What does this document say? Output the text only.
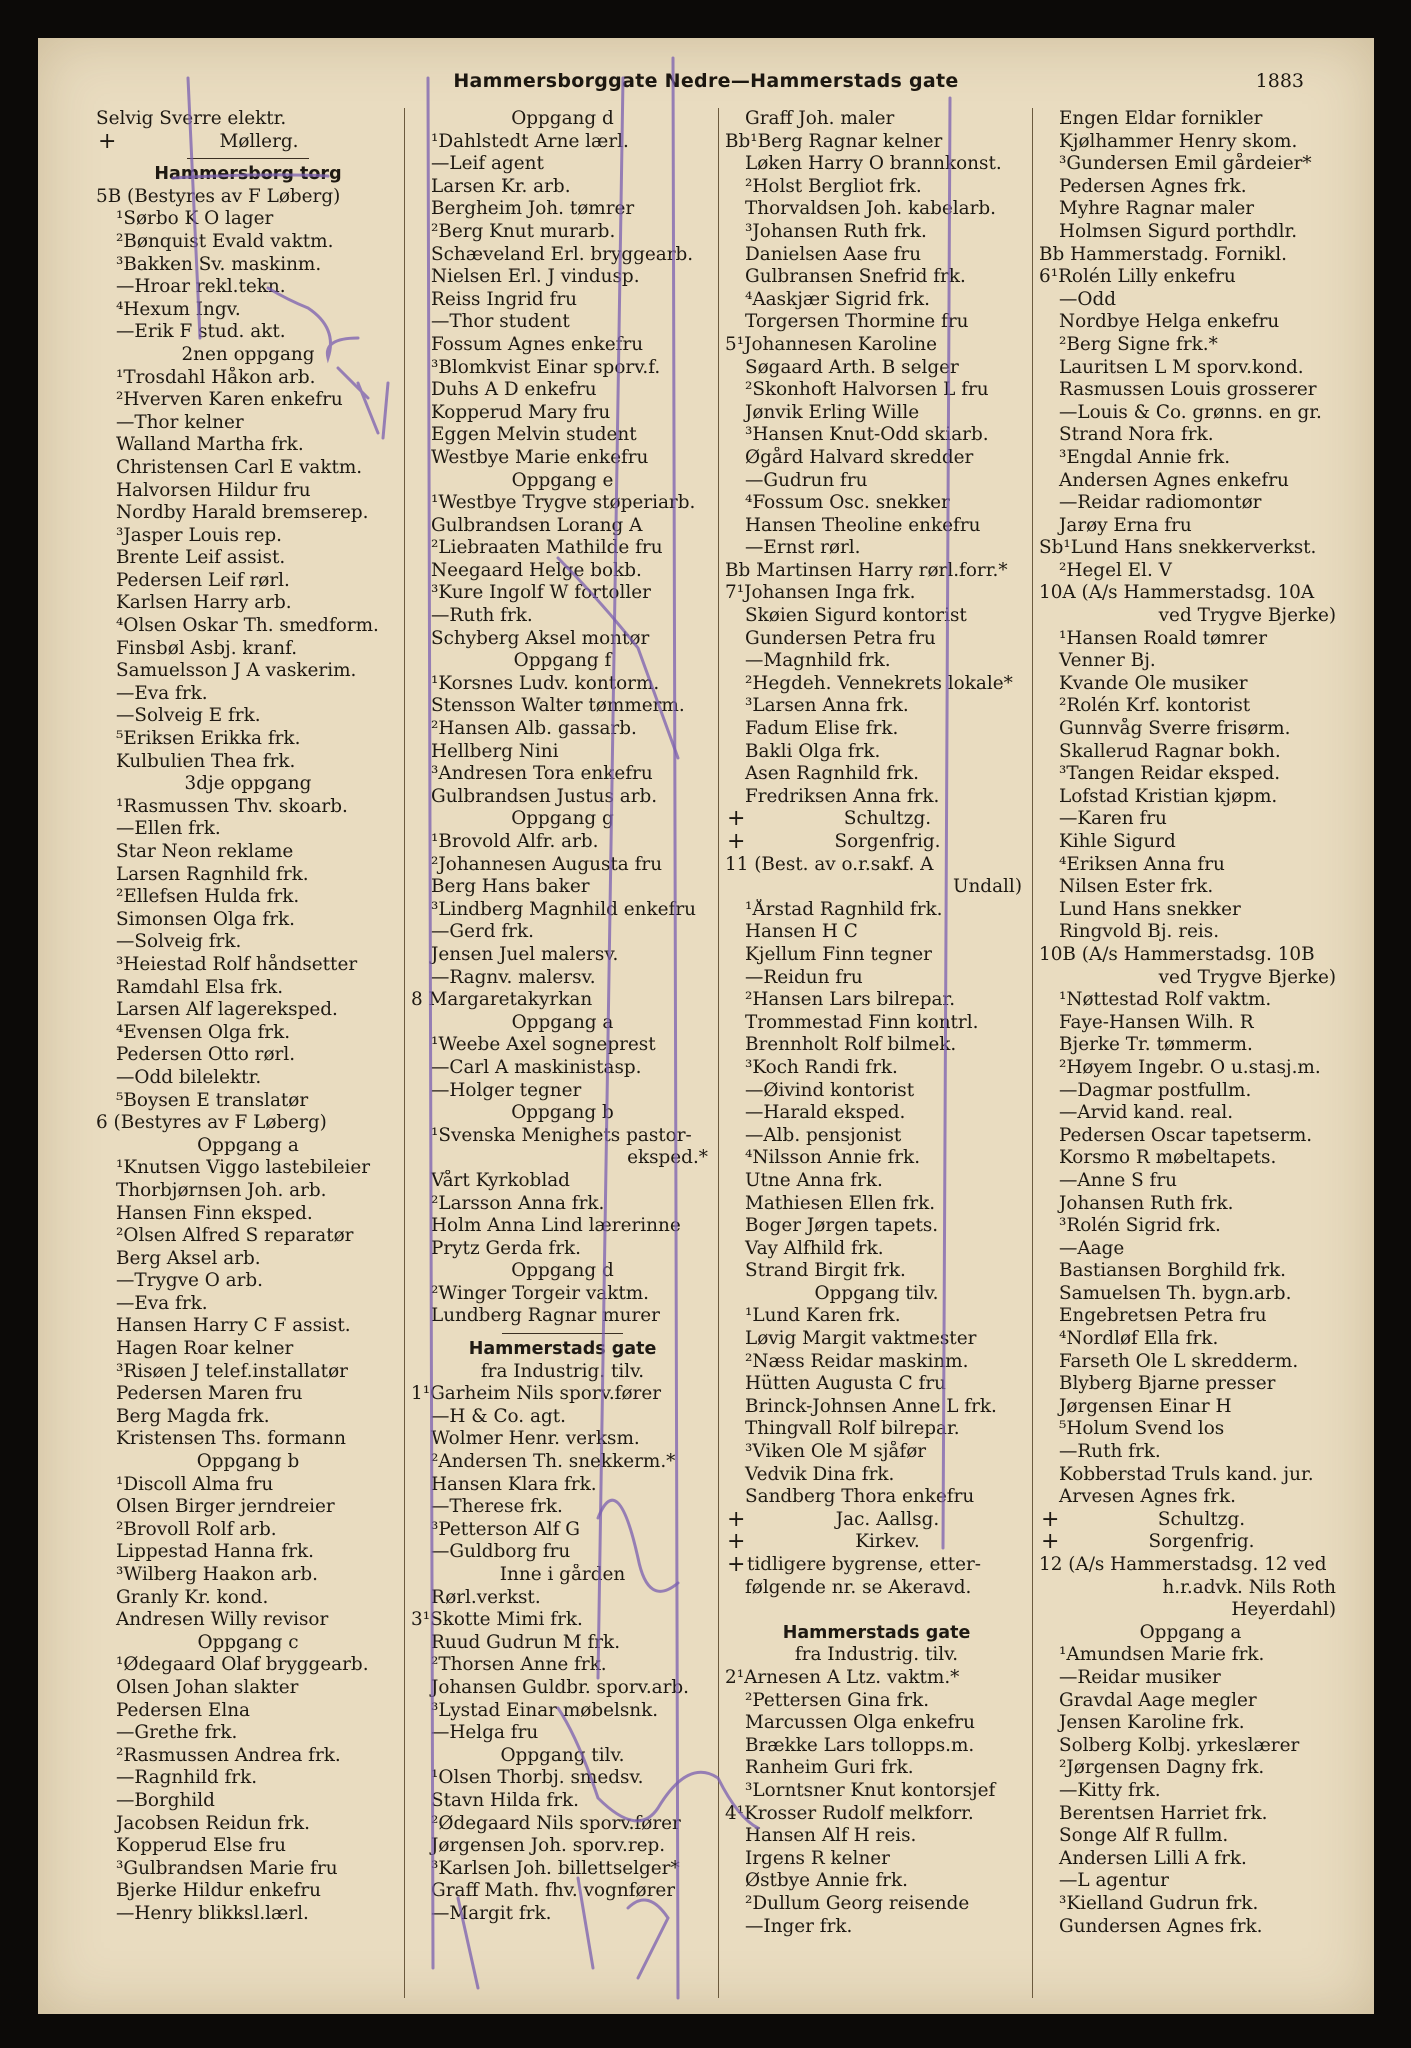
Hammersborggate Nedre—Hammerstads gate	1883
Selvig Sverre elektr.
+	Møllerg.
Hammersborg torg
5B (Bestyres av F Løberg)
¹Sørbo K O lager
²Bønquist Evald vaktm.
³Bakken Sv. maskinm.
—Hroar rekl.tekn.
⁴Hexum Ingv.
—Erik F stud. akt.
2nen oppgang
¹Trosdahl Håkon arb.
²Hverven Karen enkefru
—Thor kelner
Walland Martha frk.
Christensen Carl E vaktm.
Halvorsen Hildur fru
Nordby Harald bremserep.
³Jasper Louis rep.
Brente Leif assist.
Pedersen Leif rørl.
Karlsen Harry arb.
⁴Olsen Oskar Th. smedform.
Finsbøl Asbj. kranf.
Samuelsson J A vaskerim.
—Eva frk.
—Solveig E frk.
⁵Eriksen Erikka frk.
Kulbulien Thea frk.
3dje oppgang
¹Rasmussen Thv. skoarb.
—Ellen frk.
Star Neon reklame
Larsen Ragnhild frk.
²Ellefsen Hulda frk.
Simonsen Olga frk.
—Solveig frk.
³Heiestad Rolf håndsetter
Ramdahl Elsa frk.
Larsen Alf lagereksped.
⁴Evensen Olga frk.
Pedersen Otto rørl.
—Odd bilelektr.
⁵Boysen E translatør
6 (Bestyres av F Løberg)
Oppgang a
¹Knutsen Viggo lastebileier
Thorbjørnsen Joh. arb.
Hansen Finn eksped.
²Olsen Alfred S reparatør
Berg Aksel arb.
—Trygve O arb.
—Eva frk.
Hansen Harry C F assist.
Hagen Roar kelner
³Risøen J telef.installatør
Pedersen Maren fru
Berg Magda frk.
Kristensen Ths. formann
Oppgang b
¹Discoll Alma fru
Olsen Birger jerndreier
²Brovoll Rolf arb.
Lippestad Hanna frk.
³Wilberg Haakon arb.
Granly Kr. kond.
Andresen Willy revisor
Oppgang c
¹Ødegaard Olaf bryggearb.
Olsen Johan slakter
Pedersen Elna
—Grethe frk.
²Rasmussen Andrea frk.
—Ragnhild frk.
—Borghild
Jacobsen Reidun frk.
Kopperud Else fru
³Gulbrandsen Marie fru
Bjerke Hildur enkefru
—Henry blikksl.lærl.
Oppgang d
¹Dahlstedt Arne lærl.
—Leif agent
Larsen Kr. arb.
Bergheim Joh. tømrer
²Berg Knut murarb.
Schæveland Erl. bryggearb.
Nielsen Erl. J vindusp.
Reiss Ingrid fru
—Thor student
Fossum Agnes enkefru
³Blomkvist Einar sporv.f.
Duhs A D enkefru
Kopperud Mary fru
Eggen Melvin student
Westbye Marie enkefru
Oppgang e
¹Westbye Trygve støperiarb.
Gulbrandsen Lorang A
²Liebraaten Mathilde fru
Neegaard Helge bokb.
³Kure Ingolf W fortoller
—Ruth frk.
Schyberg Aksel montør
Oppgang f
¹Korsnes Ludv. kontorm.
Stensson Walter tømmerm.
²Hansen Alb. gassarb.
Hellberg Nini
³Andresen Tora enkefru
Gulbrandsen Justus arb.
Oppgang g
¹Brovold Alfr. arb.
²Johannesen Augusta fru
Berg Hans baker
³Lindberg Magnhild enkefru
—Gerd frk.
Jensen Juel malersv.
—Ragnv. malersv.
8 Margaretakyrkan
Oppgang a
¹Weebe Axel sogneprest
—Carl A maskinistasp.
—Holger tegner
Oppgang b
¹Svenska Menighets pastor-
eksped.*
Vårt Kyrkoblad
²Larsson Anna frk.
Holm Anna Lind lærerinne
Prytz Gerda frk.
Oppgang d
²Winger Torgeir vaktm.
Lundberg Ragnar murer
Hammerstads gate
fra Industrig. tilv.
1¹Garheim Nils sporv.fører
—H & Co. agt.
Wolmer Henr. verksm.
²Andersen Th. snekkerm.*
Hansen Klara frk.
—Therese frk.
³Petterson Alf G
—Guldborg fru
Inne i gården
Rørl.verkst.
3¹Skotte Mimi frk.
Ruud Gudrun M frk.
²Thorsen Anne frk.
Johansen Guldbr. sporv.arb.
³Lystad Einar møbelsnk.
—Helga fru
Oppgang tilv.
¹Olsen Thorbj. smedsv.
Stavn Hilda frk.
²Ødegaard Nils sporv.fører
Jørgensen Joh. sporv.rep.
³Karlsen Joh. billettselger*
Graff Math. fhv. vognfører
—Margit frk.
Graff Joh. maler
Bb¹Berg Ragnar kelner
Løken Harry O brannkonst.
²Holst Bergliot frk.
Thorvaldsen Joh. kabelarb.
³Johansen Ruth frk.
Danielsen Aase fru
Gulbransen Snefrid frk.
⁴Aaskjær Sigrid frk.
Torgersen Thormine fru
5¹Johannesen Karoline
Søgaard Arth. B selger
²Skonhoft Halvorsen L fru
Jønvik Erling Wille
³Hansen Knut-Odd skiarb.
Øgård Halvard skredder
—Gudrun fru
⁴Fossum Osc. snekker
Hansen Theoline enkefru
—Ernst rørl.
Bb Martinsen Harry rørl.forr.*
7¹Johansen Inga frk.
Skøien Sigurd kontorist
Gundersen Petra fru
—Magnhild frk.
²Hegdeh. Vennekrets lokale*
³Larsen Anna frk.
Fadum Elise frk.
Bakli Olga frk.
Asen Ragnhild frk.
Fredriksen Anna frk.
+	Schultzg.
+	Sorgenfrig.
11 (Best. av o.r.sakf. A
Undall)
¹Årstad Ragnhild frk.
Hansen H C
Kjellum Finn tegner
—Reidun fru
²Hansen Lars bilrepar.
Trommestad Finn kontrl.
Brennholt Rolf bilmek.
³Koch Randi frk.
—Øivind kontorist
—Harald eksped.
—Alb. pensjonist
⁴Nilsson Annie frk.
Utne Anna frk.
Mathiesen Ellen frk.
Boger Jørgen tapets.
Vay Alfhild frk.
Strand Birgit frk.
Oppgang tilv.
¹Lund Karen frk.
Løvig Margit vaktmester
²Næss Reidar maskinm.
Hütten Augusta C fru
Brinck-Johnsen Anne L frk.
Thingvall Rolf bilrepar.
³Viken Ole M sjåfør
Vedvik Dina frk.
Sandberg Thora enkefru
+	Jac. Aallsg.
+	Kirkev.
+ tidligere bygrense, etter-
følgende nr. se Akeravd.
Hammerstads gate
fra Industrig. tilv.
2¹Arnesen A Ltz. vaktm.*
²Pettersen Gina frk.
Marcussen Olga enkefru
Brække Lars tollopps.m.
Ranheim Guri frk.
³Lorntsner Knut kontorsjef
4¹Krosser Rudolf melkforr.
Hansen Alf H reis.
Irgens R kelner
Østbye Annie frk.
²Dullum Georg reisende
—Inger frk.
Engen Eldar fornikler
Kjølhammer Henry skom.
³Gundersen Emil gårdeier*
Pedersen Agnes frk.
Myhre Ragnar maler
Holmsen Sigurd porthdlr.
Bb Hammerstadg. Fornikl.
6¹Rolén Lilly enkefru
—Odd
Nordbye Helga enkefru
²Berg Signe frk.*
Lauritsen L M sporv.kond.
Rasmussen Louis grosserer
—Louis & Co. grønns. en gr.
Strand Nora frk.
³Engdal Annie frk.
Andersen Agnes enkefru
—Reidar radiomontør
Jarøy Erna fru
Sb¹Lund Hans snekkerverkst.
²Hegel El. V
10A (A/s Hammerstadsg. 10A
ved Trygve Bjerke)
¹Hansen Roald tømrer
Venner Bj.
Kvande Ole musiker
²Rolén Krf. kontorist
Gunnvåg Sverre frisørm.
Skallerud Ragnar bokh.
³Tangen Reidar eksped.
Lofstad Kristian kjøpm.
—Karen fru
Kihle Sigurd
⁴Eriksen Anna fru
Nilsen Ester frk.
Lund Hans snekker
Ringvold Bj. reis.
10B (A/s Hammerstadsg. 10B
ved Trygve Bjerke)
¹Nøttestad Rolf vaktm.
Faye-Hansen Wilh. R
Bjerke Tr. tømmerm.
²Høyem Ingebr. O u.stasj.m.
—Dagmar postfullm.
—Arvid kand. real.
Pedersen Oscar tapetserm.
Korsmo R møbeltapets.
—Anne S fru
Johansen Ruth frk.
³Rolén Sigrid frk.
—Aage
Bastiansen Borghild frk.
Samuelsen Th. bygn.arb.
Engebretsen Petra fru
⁴Nordløf Ella frk.
Farseth Ole L skredderm.
Blyberg Bjarne presser
Jørgensen Einar H
⁵Holum Svend los
—Ruth frk.
Kobberstad Truls kand. jur.
Arvesen Agnes frk.
+	Schultzg.
+	Sorgenfrig.
12 (A/s Hammerstadsg. 12 ved
h.r.advk. Nils Roth
Heyerdahl)
Oppgang a
¹Amundsen Marie frk.
—Reidar musiker
Gravdal Aage megler
Jensen Karoline frk.
Solberg Kolbj. yrkeslærer
²Jørgensen Dagny frk.
—Kitty frk.
Berentsen Harriet frk.
Songe Alf R fullm.
Andersen Lilli A frk.
—L agentur
³Kielland Gudrun frk.
Gundersen Agnes frk.
